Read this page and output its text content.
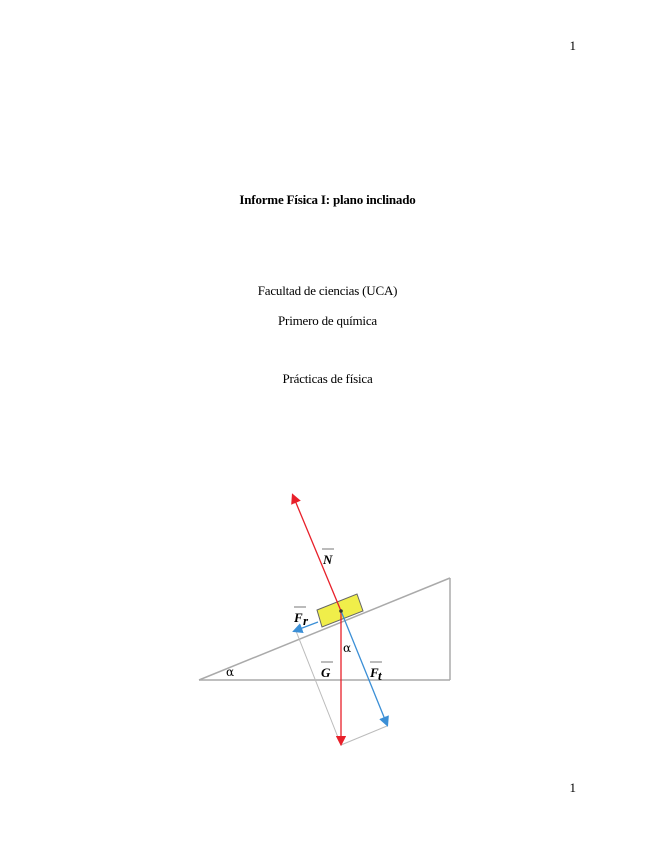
1
Informe Física I: plano inclinado
Facultad de ciencias (UCA)
Primero de química
Prácticas de física
N
F r
G	F t
α
α
1
